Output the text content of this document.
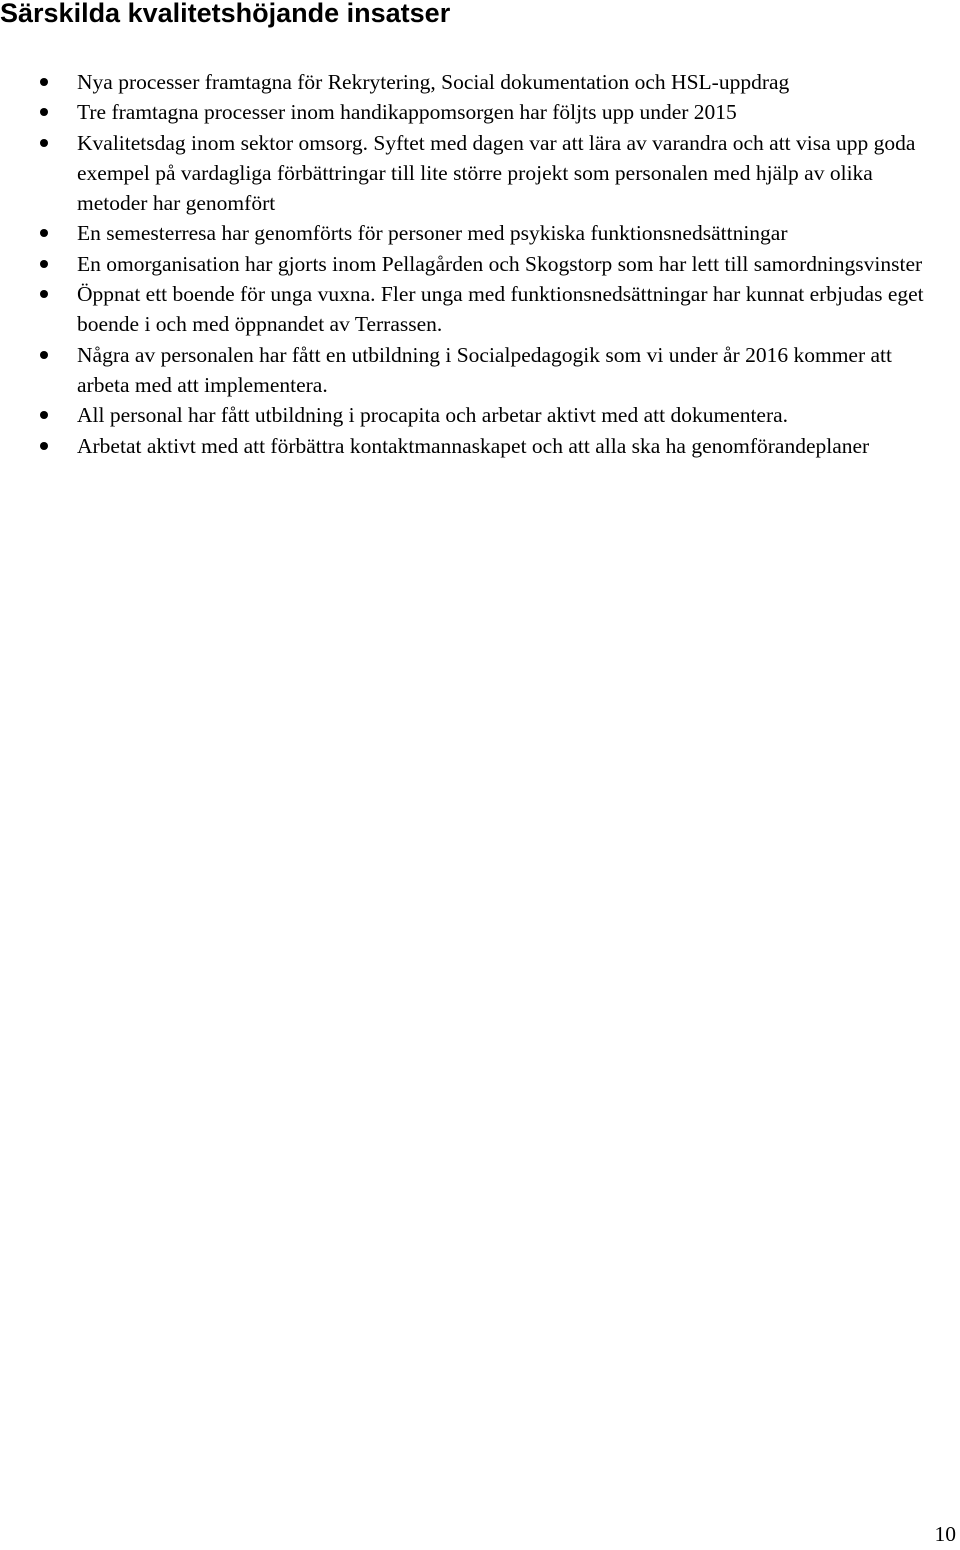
Särskilda kvalitetshöjande insatser
Nya processer framtagna för Rekrytering, Social dokumentation och HSL-uppdrag
Tre framtagna processer inom handikappomsorgen har följts upp under 2015
Kvalitetsdag inom sektor omsorg. Syftet med dagen var att lära av varandra och att visa upp goda exempel på vardagliga förbättringar till lite större projekt som personalen med hjälp av olika metoder har genomfört
En semesterresa har genomförts för personer med psykiska funktionsnedsättningar
En omorganisation har gjorts inom Pellagården och Skogstorp som har lett till samordningsvinster
Öppnat ett boende för unga vuxna. Fler unga med funktionsnedsättningar har kunnat erbjudas eget boende i och med öppnandet av Terrassen.
Några av personalen har fått en utbildning i Socialpedagogik som vi under år 2016 kommer att arbeta med att implementera.
All personal har fått utbildning i procapita och arbetar aktivt med att dokumentera.
Arbetat aktivt med att förbättra kontaktmannaskapet och att alla ska ha genomförandeplaner
10
